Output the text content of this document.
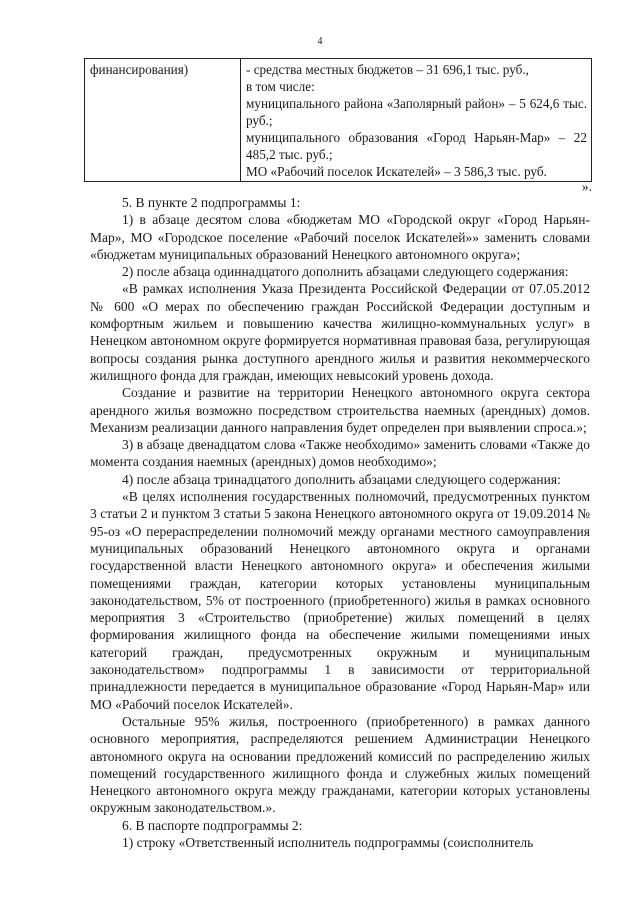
4
финансирования)	- средства местных бюджетов – 31 696,1 тыс. руб.,
в том числе:
муниципального района «Заполярный район» – 5 624,6 тыс. руб.;
муниципального образования «Город Нарьян-Мар» – 22 485,2 тыс. руб.;
МО «Рабочий поселок Искателей» – 3 586,3 тыс. руб.
».

5. В пункте 2 подпрограммы 1:

1) в абзаце десятом слова «бюджетам МО «Городской округ «Город Нарьян-Мар», МО «Городское поселение «Рабочий поселок Искателей»» заменить словами «бюджетам муниципальных образований Ненецкого автономного округа»;

2) после абзаца одиннадцатого дополнить абзацами следующего содержания:

«В рамках исполнения Указа Президента Российской Федерации от 07.05.2012 № 600 «О мерах по обеспечению граждан Российской Федерации доступным и комфортным жильем и повышению качества жилищно-коммунальных услуг» в Ненецком автономном округе формируется нормативная правовая база, регулирующая вопросы создания рынка доступного арендного жилья и развития некоммерческого жилищного фонда для граждан, имеющих невысокий уровень дохода.

Создание и развитие на территории Ненецкого автономного округа сектора арендного жилья возможно посредством строительства наемных (арендных) домов. Механизм реализации данного направления будет определен при выявлении спроса.»;

3) в абзаце двенадцатом слова «Также необходимо» заменить словами «Также до момента создания наемных (арендных) домов необходимо»;

4) после абзаца тринадцатого дополнить абзацами следующего содержания:

«В целях исполнения государственных полномочий, предусмотренных пунктом 3 статьи 2 и пунктом 3 статьи 5 закона Ненецкого автономного округа от 19.09.2014 № 95-оз «О перераспределении полномочий между органами местного самоуправления муниципальных образований Ненецкого автономного округа и органами государственной власти Ненецкого автономного округа» и обеспечения жилыми помещениями граждан, категории которых установлены муниципальным законодательством, 5% от построенного (приобретенного) жилья в рамках основного мероприятия 3 «Строительство (приобретение) жилых помещений в целях формирования жилищного фонда на обеспечение жилыми помещениями иных категорий граждан, предусмотренных окружным и муниципальным законодательством» подпрограммы 1 в зависимости от территориальной принадлежности передается в муниципальное образование «Город Нарьян-Мар» или МО «Рабочий поселок Искателей».

Остальные 95% жилья, построенного (приобретенного) в рамках данного основного мероприятия, распределяются решением Администрации Ненецкого автономного округа на основании предложений комиссий по распределению жилых помещений государственного жилищного фонда и служебных жилых помещений Ненецкого автономного округа между гражданами, категории которых установлены окружным законодательством.».

6. В паспорте подпрограммы 2:

1) строку «Ответственный исполнитель подпрограммы (соисполнитель
